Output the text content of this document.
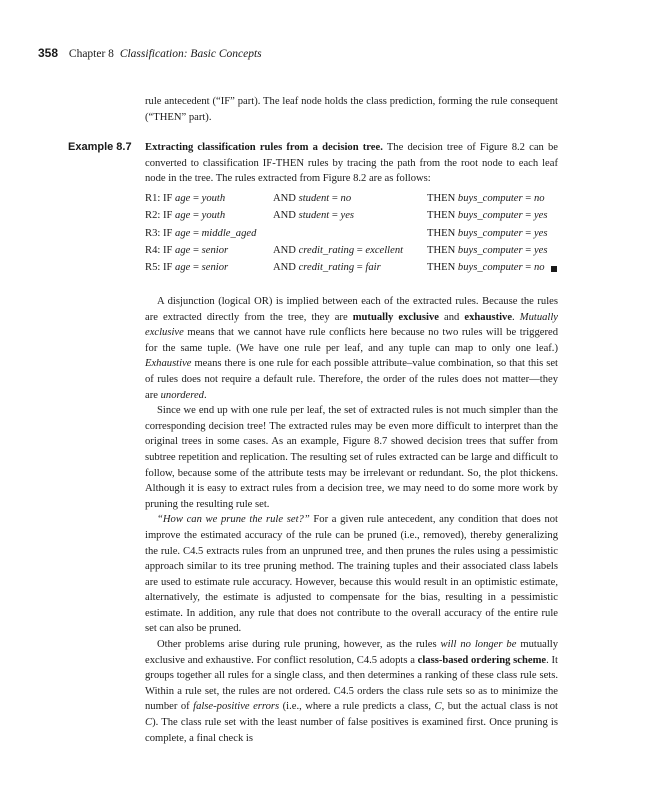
358 Chapter 8 Classification: Basic Concepts

rule antecedent (“IF” part). The leaf node holds the class prediction, forming the rule consequent (“THEN” part).

Example 8.7 Extracting classification rules from a decision tree. The decision tree of Figure 8.2 can be converted to classification IF-THEN rules by tracing the path from the root node to each leaf node in the tree. The rules extracted from Figure 8.2 are as follows:

R1: IF age = youth	AND student = no	THEN buys_computer = no
R2: IF age = youth	AND student = yes	THEN buys_computer = yes
R3: IF age = middle_aged	THEN buys_computer = yes
R4: IF age = senior	AND credit_rating = excellent THEN buys_computer = yes
R5: IF age = senior	AND credit_rating = fair	THEN buys_computer = no

A disjunction (logical OR) is implied between each of the extracted rules. Because the rules are extracted directly from the tree, they are mutually exclusive and exhaustive. Mutually exclusive means that we cannot have rule conflicts here because no two rules will be triggered for the same tuple. (We have one rule per leaf, and any tuple can map to only one leaf.) Exhaustive means there is one rule for each possible attribute–value combination, so that this set of rules does not require a default rule. Therefore, the order of the rules does not matter—they are unordered.

Since we end up with one rule per leaf, the set of extracted rules is not much simpler than the corresponding decision tree! The extracted rules may be even more difficult to interpret than the original trees in some cases. As an example, Figure 8.7 showed decision trees that suffer from subtree repetition and replication. The resulting set of rules extracted can be large and difficult to follow, because some of the attribute tests may be irrelevant or redundant. So, the plot thickens. Although it is easy to extract rules from a decision tree, we may need to do some more work by pruning the resulting rule set.

“How can we prune the rule set?” For a given rule antecedent, any condition that does not improve the estimated accuracy of the rule can be pruned (i.e., removed), thereby generalizing the rule. C4.5 extracts rules from an unpruned tree, and then prunes the rules using a pessimistic approach similar to its tree pruning method. The training tuples and their associated class labels are used to estimate rule accuracy. However, because this would result in an optimistic estimate, alternatively, the estimate is adjusted to compensate for the bias, resulting in a pessimistic estimate. In addition, any rule that does not contribute to the overall accuracy of the entire rule set can also be pruned.

Other problems arise during rule pruning, however, as the rules will no longer be mutually exclusive and exhaustive. For conflict resolution, C4.5 adopts a class-based ordering scheme. It groups together all rules for a single class, and then determines a ranking of these class rule sets. Within a rule set, the rules are not ordered. C4.5 orders the class rule sets so as to minimize the number of false-positive errors (i.e., where a rule predicts a class, C, but the actual class is not C). The class rule set with the least number of false positives is examined first. Once pruning is complete, a final check is
